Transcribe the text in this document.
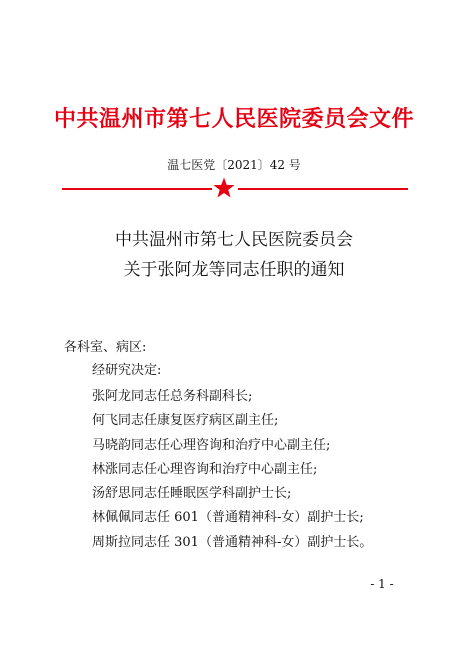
中共温州市第七人民医院委员会文件
温七医党〔2021〕42 号
中共温州市第七人民医院委员会
关于张阿龙等同志任职的通知
各科室、病区:
经研究决定:
张阿龙同志任总务科副科长;
何飞同志任康复医疗病区副主任;
马晓韵同志任心理咨询和治疗中心副主任;
林涨同志任心理咨询和治疗中心副主任;
汤舒思同志任睡眠医学科副护士长;
林佩佩同志任 601（普通精神科-女）副护士长;
周斯拉同志任 301（普通精神科-女）副护士长。
- 1 -
